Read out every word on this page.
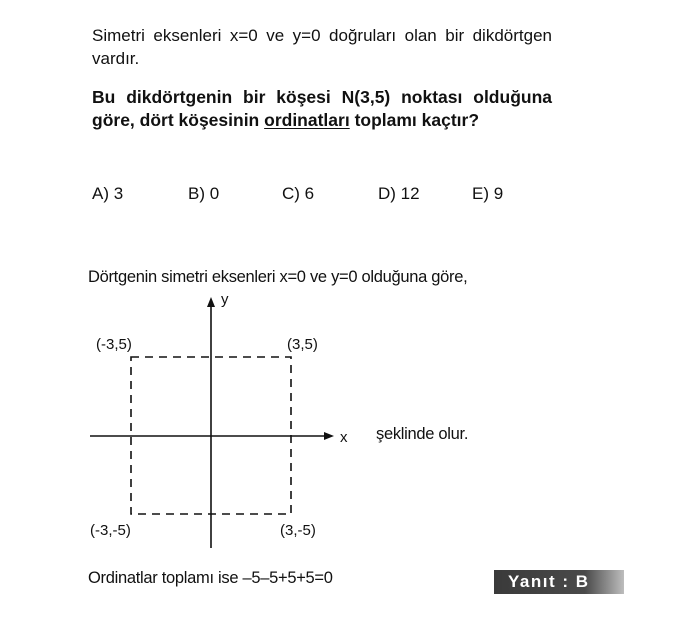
Simetri eksenleri x=0 ve y=0 doğruları olan bir dikdörtgen vardır.
Bu dikdörtgenin bir köşesi N(3,5) noktası olduğuna göre, dört köşesinin ordinatları toplamı kaçtır?
A) 3	B) 0	C) 6	D) 12	E) 9
Dörtgenin simetri eksenleri x=0 ve y=0 olduğuna göre,
y
x
(-3,5)	(3,5)
(-3,-5)	(3,-5)
şeklinde olur.
Ordinatlar toplamı ise –5–5+5+5=0	Yanıt : B
